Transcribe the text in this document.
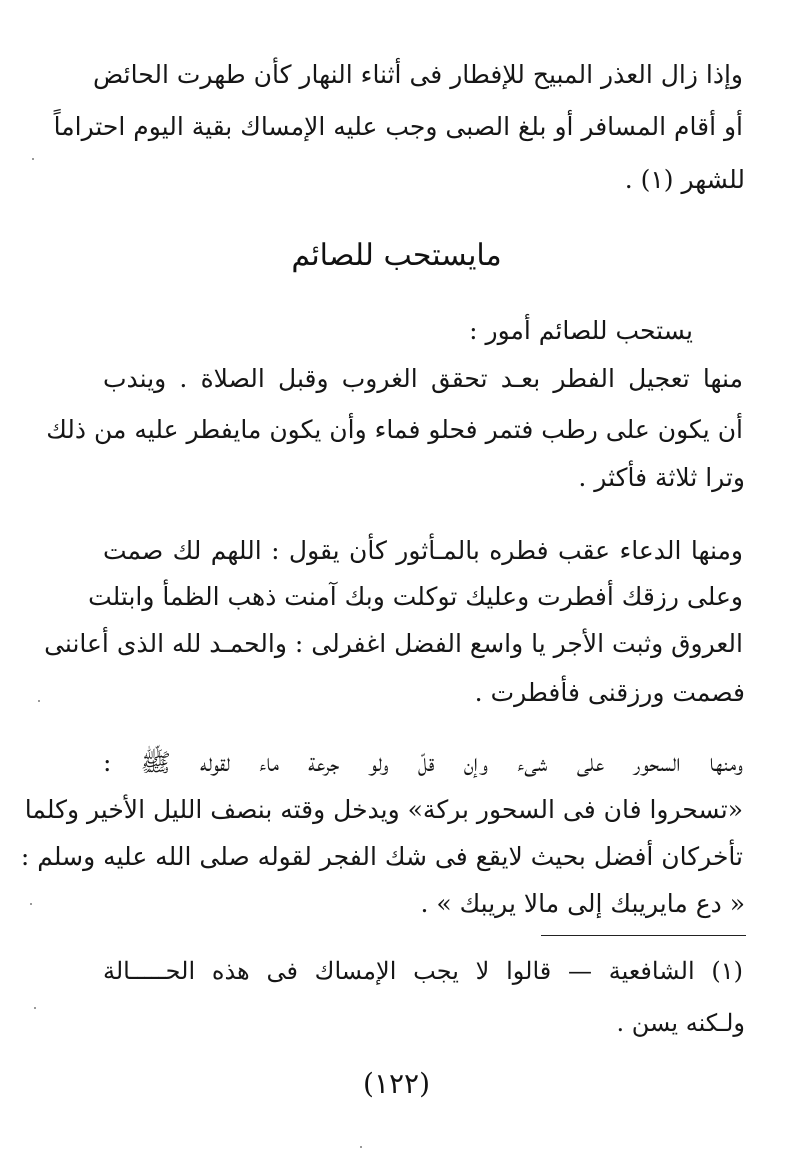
وإذا زال العذر المبيح للإفطار فى أثناء النهار كأن طهرت الحائض
أو أقام المسافر أو بلغ الصبى وجب عليه الإمساك بقية اليوم احتراماً
للشهر (١) .
مايستحب للصائم
يستحب للصائم أمور :
منها تعجيل الفطر بعـد تحقق الغروب وقبل الصلاة . ويندب
أن يكون على رطب فتمر فحلو فماء وأن يكون مايفطر عليه من ذلك
وترا ثلاثة فأكثر .
ومنها الدعاء عقب فطره بالمـأثور كأن يقول : اللهم لك صمت
وعلى رزقك أفطرت وعليك توكلت وبك آمنت ذهب الظمأ وابتلت
العروق وثبت الأجر يا واسع الفضل اغفرلى : والحمـد لله الذى أعاننى
فصمت ورزقنى فأفطرت .
ومنها السحور على شىء وإن قلّ ولو جرعة ماء لقوله ﷺ :
«تسحروا فان فى السحور بركة» ويدخل وقته بنصف الليل الأخير وكلما
تأخركان أفضل بحيث لايقع فى شك الفجر لقوله صلى الله عليه وسلم :
« دع مايريبك إلى مالا يريبك » .
(١) الشافعية — قالوا لا يجب الإمساك فى هذه الحـــــالة
ولـكنه يسن .
(١٢٢)
